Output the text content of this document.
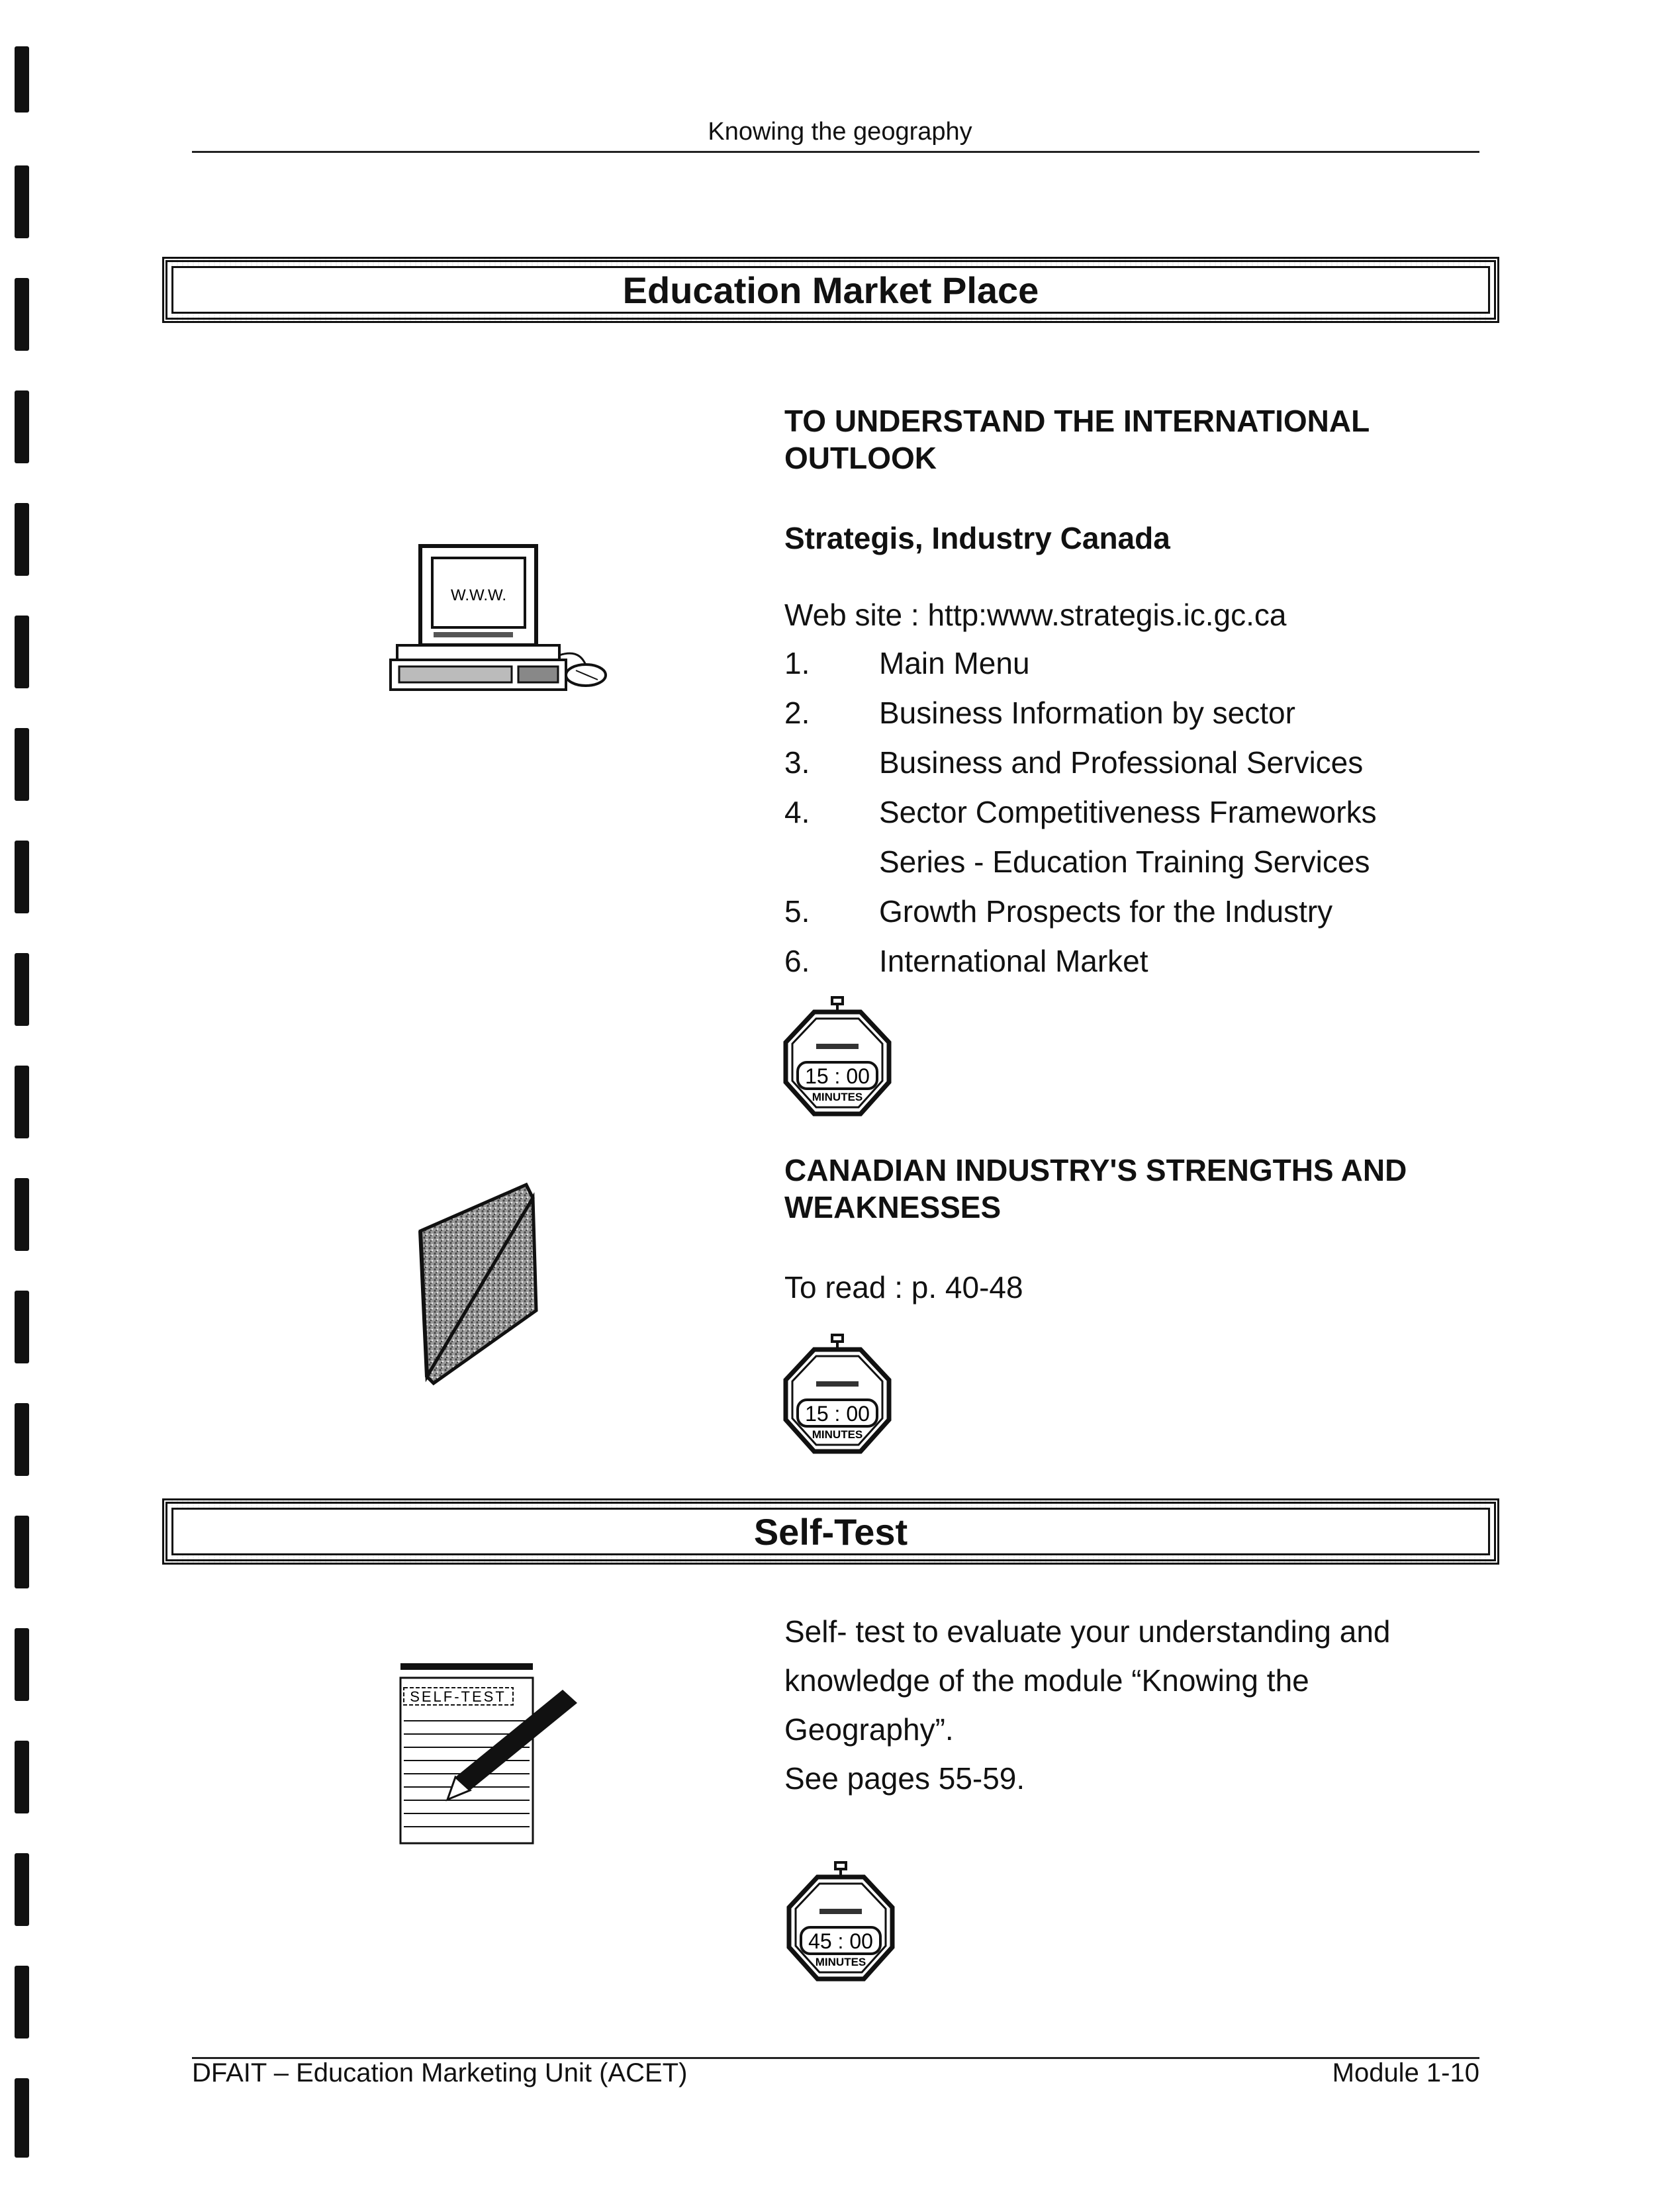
Knowing the geography
Education Market Place
TO UNDERSTAND THE INTERNATIONAL
OUTLOOK
Strategis, Industry Canada
Web site : http:www.strategis.ic.gc.ca
1. Main Menu
2. Business Information by sector
3. Business and Professional Services
4. Sector Competitiveness Frameworks
Series - Education Training Services
5. Growth Prospects for the Industry
6. International Market
15 : 00
MINUTES
CANADIAN INDUSTRY'S STRENGTHS AND
WEAKNESSES
To read : p. 40-48
15 : 00
MINUTES
W.W.W.
Self-Test
Self- test to evaluate your understanding and
knowledge of the module “Knowing the
Geography”.
See pages 55-59.
SELF-TEST
45 : 00
MINUTES
DFAIT – Education Marketing Unit (ACET)	Module 1-10
